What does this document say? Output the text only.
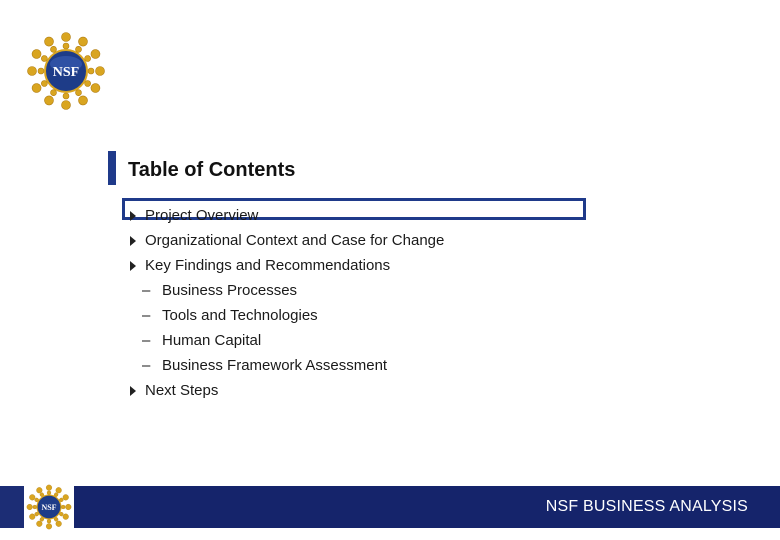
NSF
Table of Contents
Project Overview
Organizational Context and Case for Change
Key Findings and Recommendations
– Business Processes
– Tools and Technologies
– Human Capital
– Business Framework Assessment
Next Steps
NSF	NSF BUSINESS ANALYSIS
